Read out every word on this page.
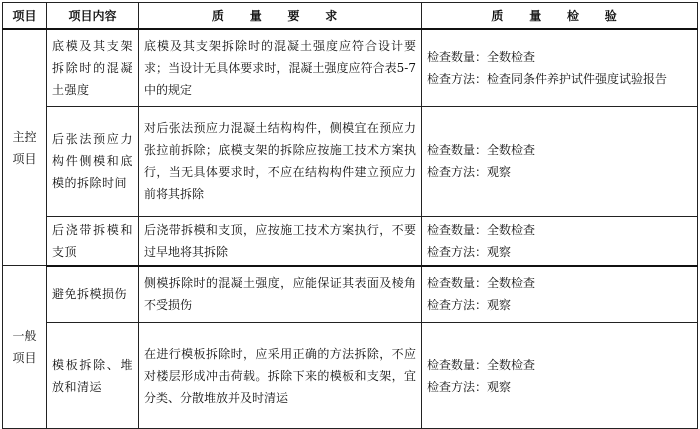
项目	项目内容	质 量 要 求	质 量 检 验
主控项目	底模及其支架拆除时的混凝土强度	底模及其支架拆除时的混凝土强度应符合设计要求；当设计无具体要求时，混凝土强度应符合表5-7中的规定	检查数量：全数检查
检查方法：检查同条件养护试件强度试验报告
	后张法预应力构件侧模和底模的拆除时间	对后张法预应力混凝土结构构件，侧模宜在预应力张拉前拆除；底模支架的拆除应按施工技术方案执行，当无具体要求时，不应在结构构件建立预应力前将其拆除	检查数量：全数检查
检查方法：观察

	后浇带拆模和支顶	后浇带拆模和支顶，应按施工技术方案执行，不要过早地将其拆除	检查数量：全数检查
检查方法：观察

一般项目	避免拆模损伤	侧模拆除时的混凝土强度，应能保证其表面及棱角不受损伤	检查数量：全数检查
检查方法：观察

	模板拆除、堆放和清运	在进行模板拆除时，应采用正确的方法拆除，不应对楼层形成冲击荷载。拆除下来的模板和支架，宜分类、分散堆放并及时清运	检查数量：全数检查
检查方法：观察
